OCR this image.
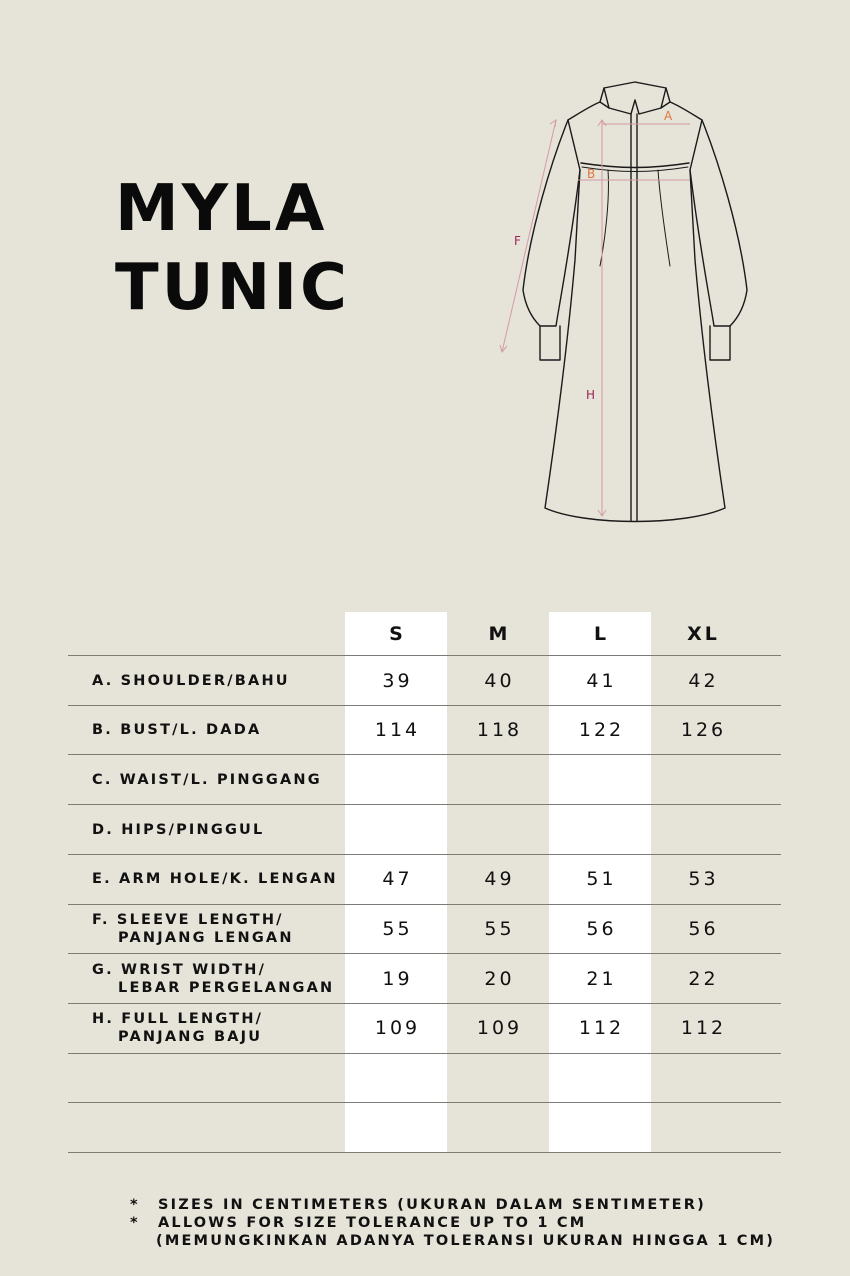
MYLA
TUNIC
A
B
F
H
S	M	L	XL
A. SHOULDER/BAHU	39	40	41	42
B. BUST/L. DADA	114	118	122	126
C. WAIST/L. PINGGANG
D. HIPS/PINGGUL
E. ARM HOLE/K. LENGAN	47	49	51	53
F. SLEEVE LENGTH/
PANJANG LENGAN	55	55	56	56
G. WRIST WIDTH/
LEBAR PERGELANGAN	19	20	21	22
H. FULL LENGTH/
PANJANG BAJU	109	109	112	112
*	SIZES IN CENTIMETERS (UKURAN DALAM SENTIMETER)
*	ALLOWS FOR SIZE TOLERANCE UP TO 1 CM
(MEMUNGKINKAN ADANYA TOLERANSI UKURAN HINGGA 1 CM)
